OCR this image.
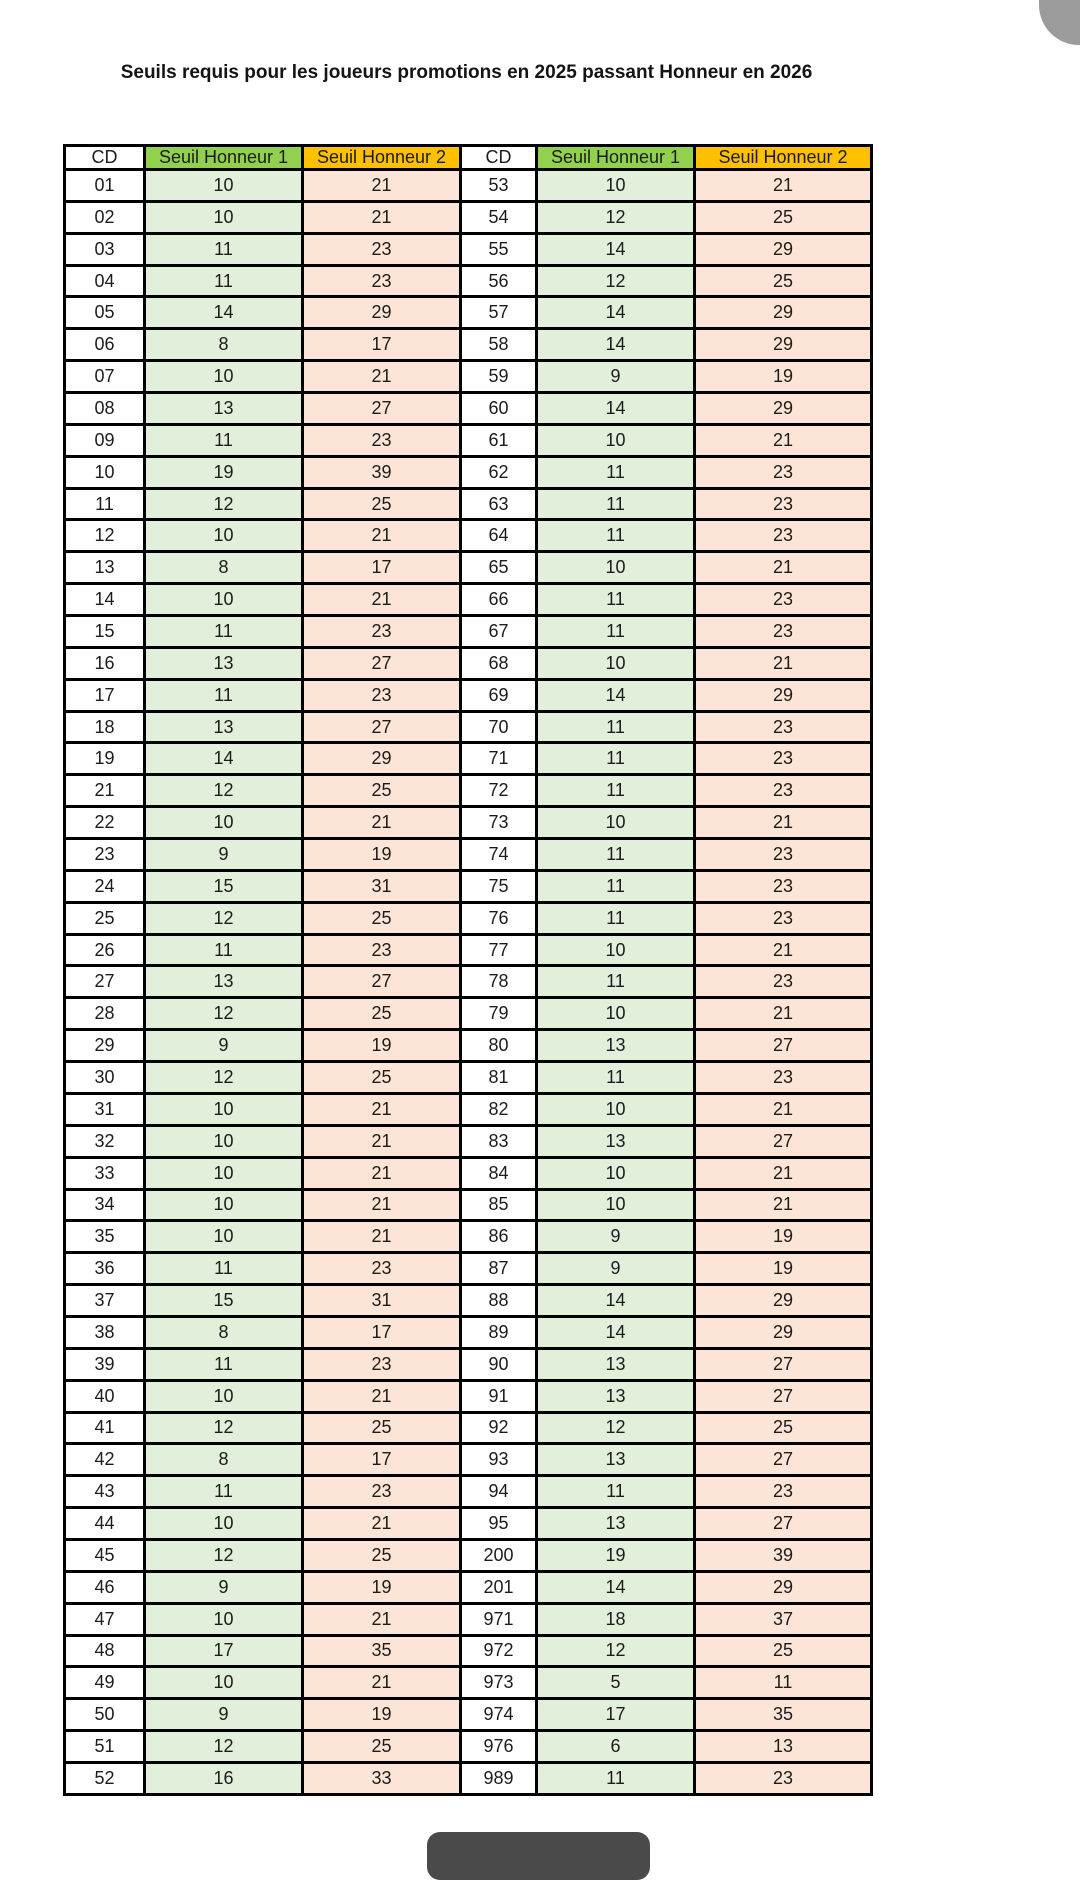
Seuils requis pour les joueurs promotions en 2025 passant Honneur en 2026
CD	Seuil Honneur 1	Seuil Honneur 2	CD	Seuil Honneur 1	Seuil Honneur 2
01	10	21	53	10	21
02	10	21	54	12	25
03	11	23	55	14	29
04	11	23	56	12	25
05	14	29	57	14	29
06	8	17	58	14	29
07	10	21	59	9	19
08	13	27	60	14	29
09	11	23	61	10	21
10	19	39	62	11	23
11	12	25	63	11	23
12	10	21	64	11	23
13	8	17	65	10	21
14	10	21	66	11	23
15	11	23	67	11	23
16	13	27	68	10	21
17	11	23	69	14	29
18	13	27	70	11	23
19	14	29	71	11	23
21	12	25	72	11	23
22	10	21	73	10	21
23	9	19	74	11	23
24	15	31	75	11	23
25	12	25	76	11	23
26	11	23	77	10	21
27	13	27	78	11	23
28	12	25	79	10	21
29	9	19	80	13	27
30	12	25	81	11	23
31	10	21	82	10	21
32	10	21	83	13	27
33	10	21	84	10	21
34	10	21	85	10	21
35	10	21	86	9	19
36	11	23	87	9	19
37	15	31	88	14	29
38	8	17	89	14	29
39	11	23	90	13	27
40	10	21	91	13	27
41	12	25	92	12	25
42	8	17	93	13	27
43	11	23	94	11	23
44	10	21	95	13	27
45	12	25	200	19	39
46	9	19	201	14	29
47	10	21	971	18	37
48	17	35	972	12	25
49	10	21	973	5	11
50	9	19	974	17	35
51	12	25	976	6	13
52	16	33	989	11	23
